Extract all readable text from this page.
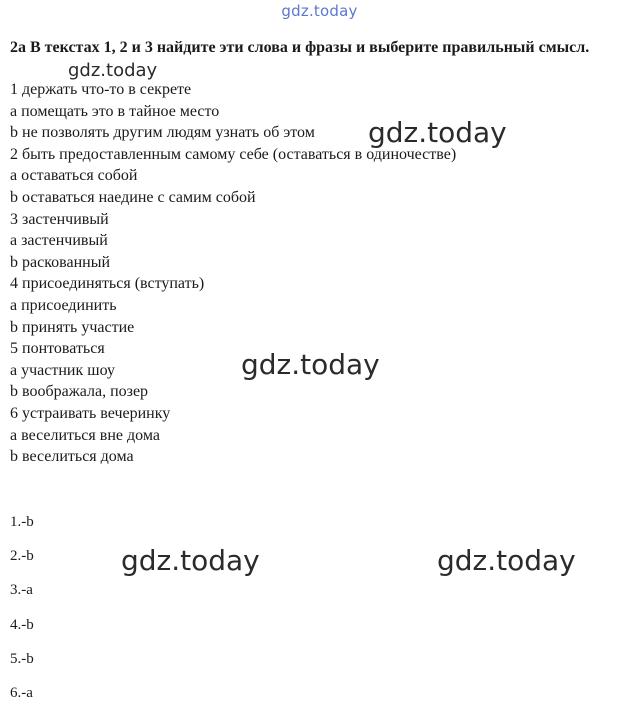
gdz.today
2a В текстах 1, 2 и 3 найдите эти слова и фразы и выберите правильный смысл.
1 держать что-то в секрете
a помещать это в тайное место
b не позволять другим людям узнать об этом
2 быть предоставленным самому себе (оставаться в одиночестве)
a оставаться собой
b оставаться наедине с самим собой
3 застенчивый
a застенчивый
b раскованный
4 присоединяться (вступать)
a присоединить
b принять участие
5 понтоваться
a участник шоу
b воображала, позер
6 устраивать вечеринку
a веселиться вне дома
b веселиться дома
1.-b
2.-b
3.-a
4.-b
5.-b
6.-a
gdz.today
gdz.today
gdz.today
gdz.today	gdz.today
